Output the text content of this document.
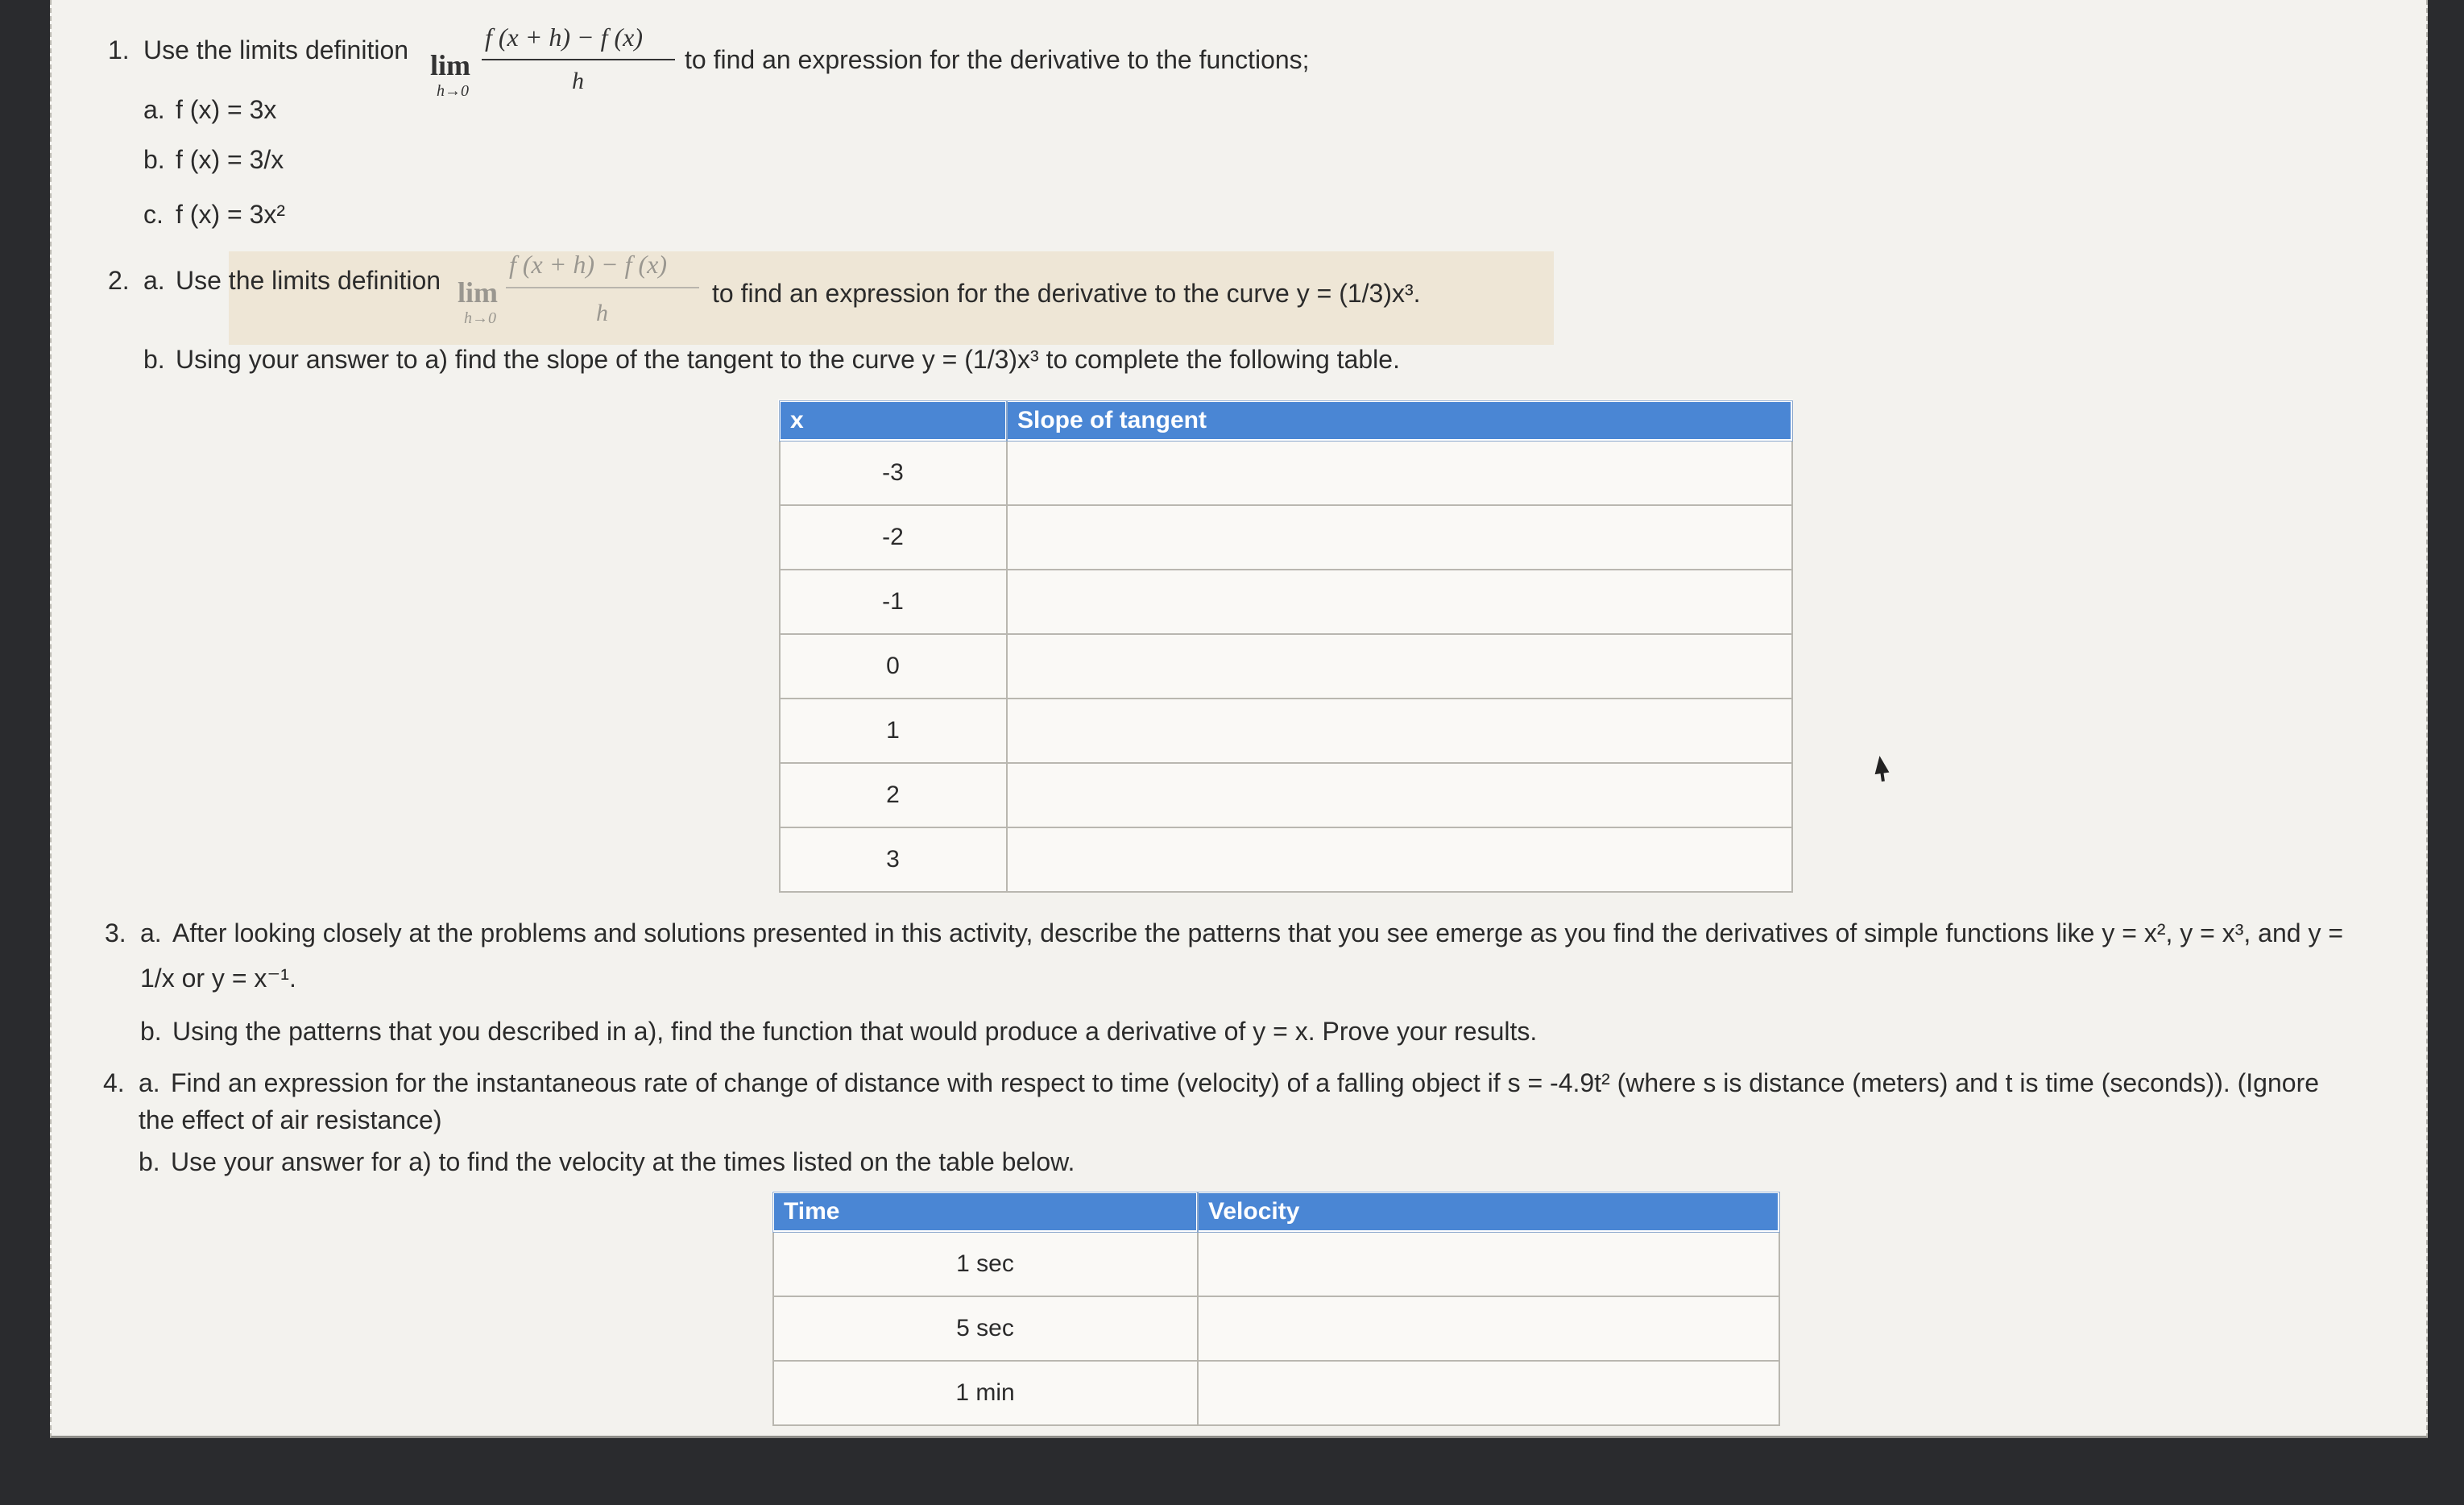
1. Use the limits definition lim
h→0
f (x + h) − f (x)
h
to find an expression for the derivative to the functions;
a. f (x) = 3x
b. f (x) = 3/x
c. f (x) = 3x²
2. a. Use the limits definition lim
h→0
f (x + h) − f (x)
h
to find an expression for the derivative to the curve y = (1/3)x³.
b. Using your answer to a) find the slope of the tangent to the curve y = (1/3)x³ to complete the following table.
x	Slope of tangent
-3	
-2	
-1	
0	
1	
2	
3	
3. a. After looking closely at the problems and solutions presented in this activity, describe the patterns that you see emerge as you find the derivatives of simple functions like y = x², y = x³, and y =
1/x or y = x⁻¹.
b. Using the patterns that you described in a), find the function that would produce a derivative of y = x. Prove your results.
4. a. Find an expression for the instantaneous rate of change of distance with respect to time (velocity) of a falling object if s = -4.9t² (where s is distance (meters) and t is time (seconds)). (Ignore
the effect of air resistance)
b. Use your answer for a) to find the velocity at the times listed on the table below.
Time	Velocity
1 sec	
5 sec	
1 min	
